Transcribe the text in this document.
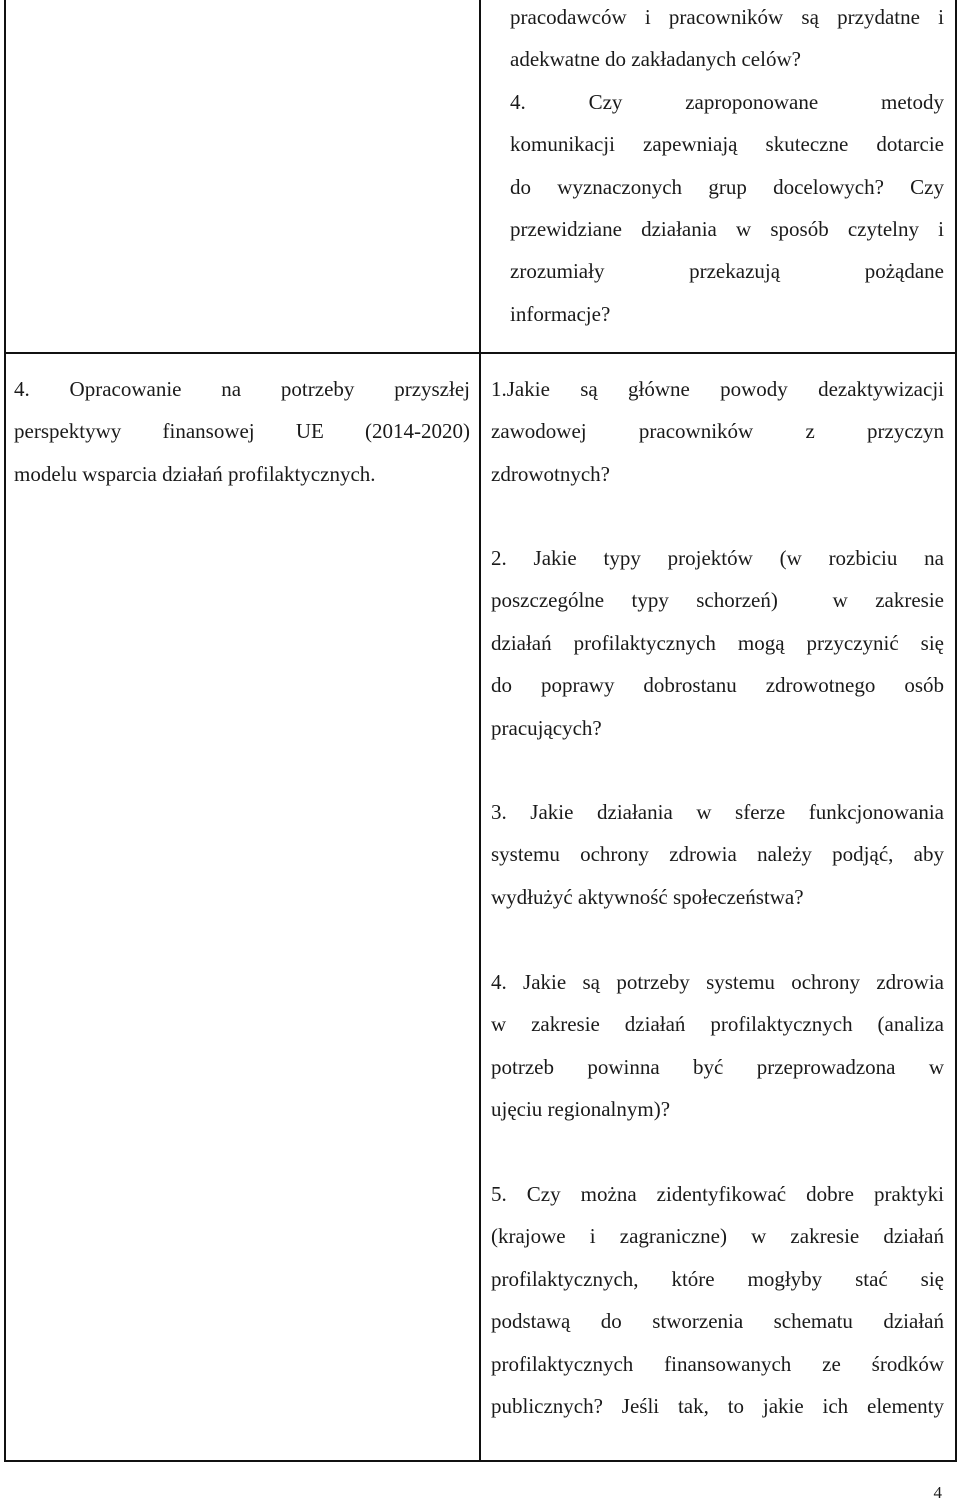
pracodawców i pracowników są przydatne i
adekwatne do zakładanych celów?
4.     Czy     zaproponowane     metody
komunikacji zapewniają skuteczne dotarcie
do wyznaczonych grup docelowych? Czy
przewidziane działania w sposób czytelny i
zrozumiały     przekazują     pożądane
informacje?
4. Opracowanie na potrzeby przyszłej
perspektywy finansowej UE (2014-2020)
modelu wsparcia działań profilaktycznych.
1.Jakie są główne powody dezaktywizacji
zawodowej pracowników z przyczyn
zdrowotnych?
2. Jakie typy projektów (w rozbiciu na
poszczególne typy schorzeń)  w zakresie
działań profilaktycznych mogą przyczynić się
do poprawy dobrostanu zdrowotnego osób
pracujących?
3. Jakie działania w sferze funkcjonowania
systemu ochrony zdrowia należy podjąć, aby
wydłużyć aktywność społeczeństwa?
4. Jakie są potrzeby systemu ochrony zdrowia
w zakresie działań profilaktycznych (analiza
potrzeb powinna być przeprowadzona w
ujęciu regionalnym)?
5. Czy można zidentyfikować dobre praktyki
(krajowe i zagraniczne) w zakresie działań
profilaktycznych, które mogłyby stać się
podstawą do stworzenia schematu działań
profilaktycznych finansowanych ze środków
publicznych? Jeśli tak, to jakie ich elementy
4
